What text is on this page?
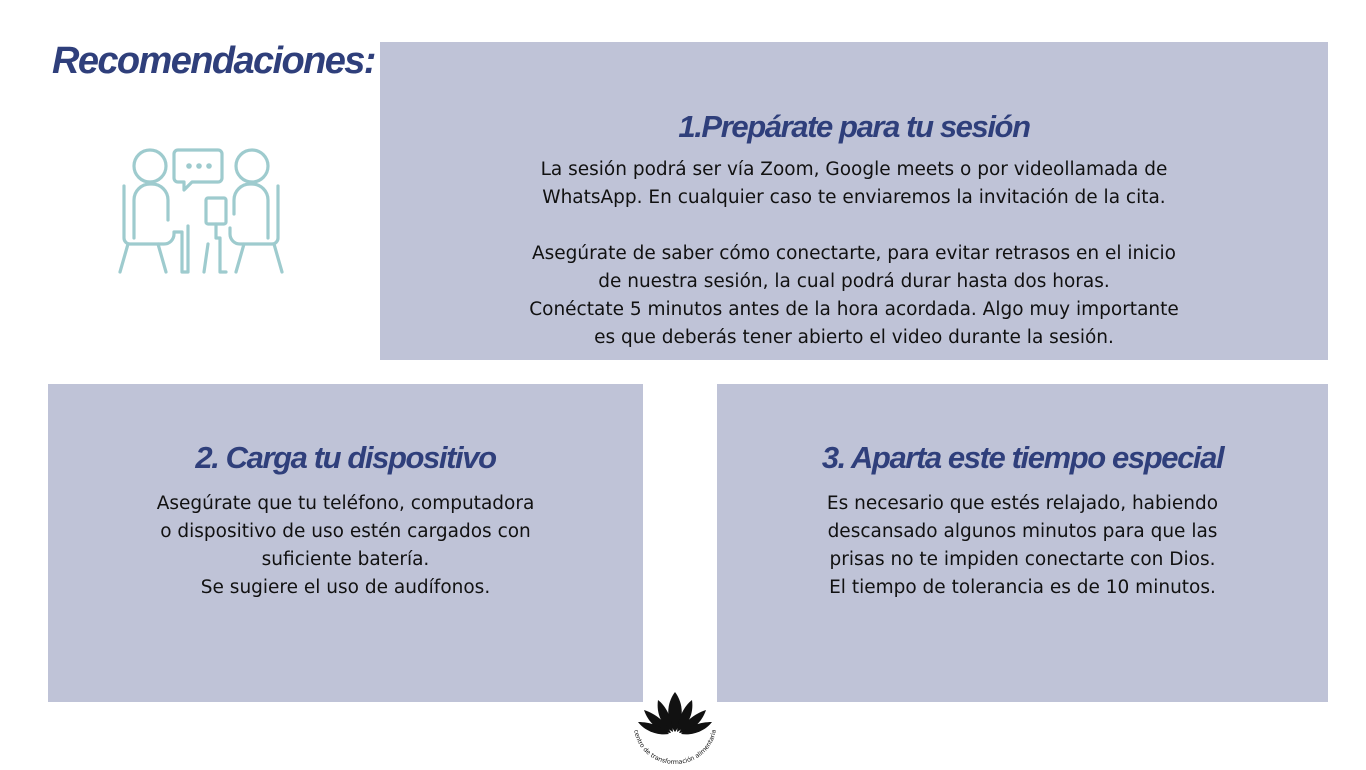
Recomendaciones:
1.Prepárate para tu sesión

La sesión podrá ser vía Zoom, Google meets o por videollamada de

WhatsApp. En cualquier caso te enviaremos la invitación de la cita.

Asegúrate de saber cómo conectarte, para evitar retrasos en el inicio

de nuestra sesión, la cual podrá durar hasta dos horas.

Conéctate 5 minutos antes de la hora acordada. Algo muy importante

es que deberás tener abierto el video durante la sesión.

2. Carga tu dispositivo

Asegúrate que tu teléfono, computadora

o dispositivo de uso estén cargados con

suficiente batería.

Se sugiere el uso de audífonos.

3. Aparta este tiempo especial

Es necesario que estés relajado, habiendo

descansado algunos minutos para que las

prisas no te impiden conectarte con Dios.

El tiempo de tolerancia es de 10 minutos.

centro de transformación alimentaria
